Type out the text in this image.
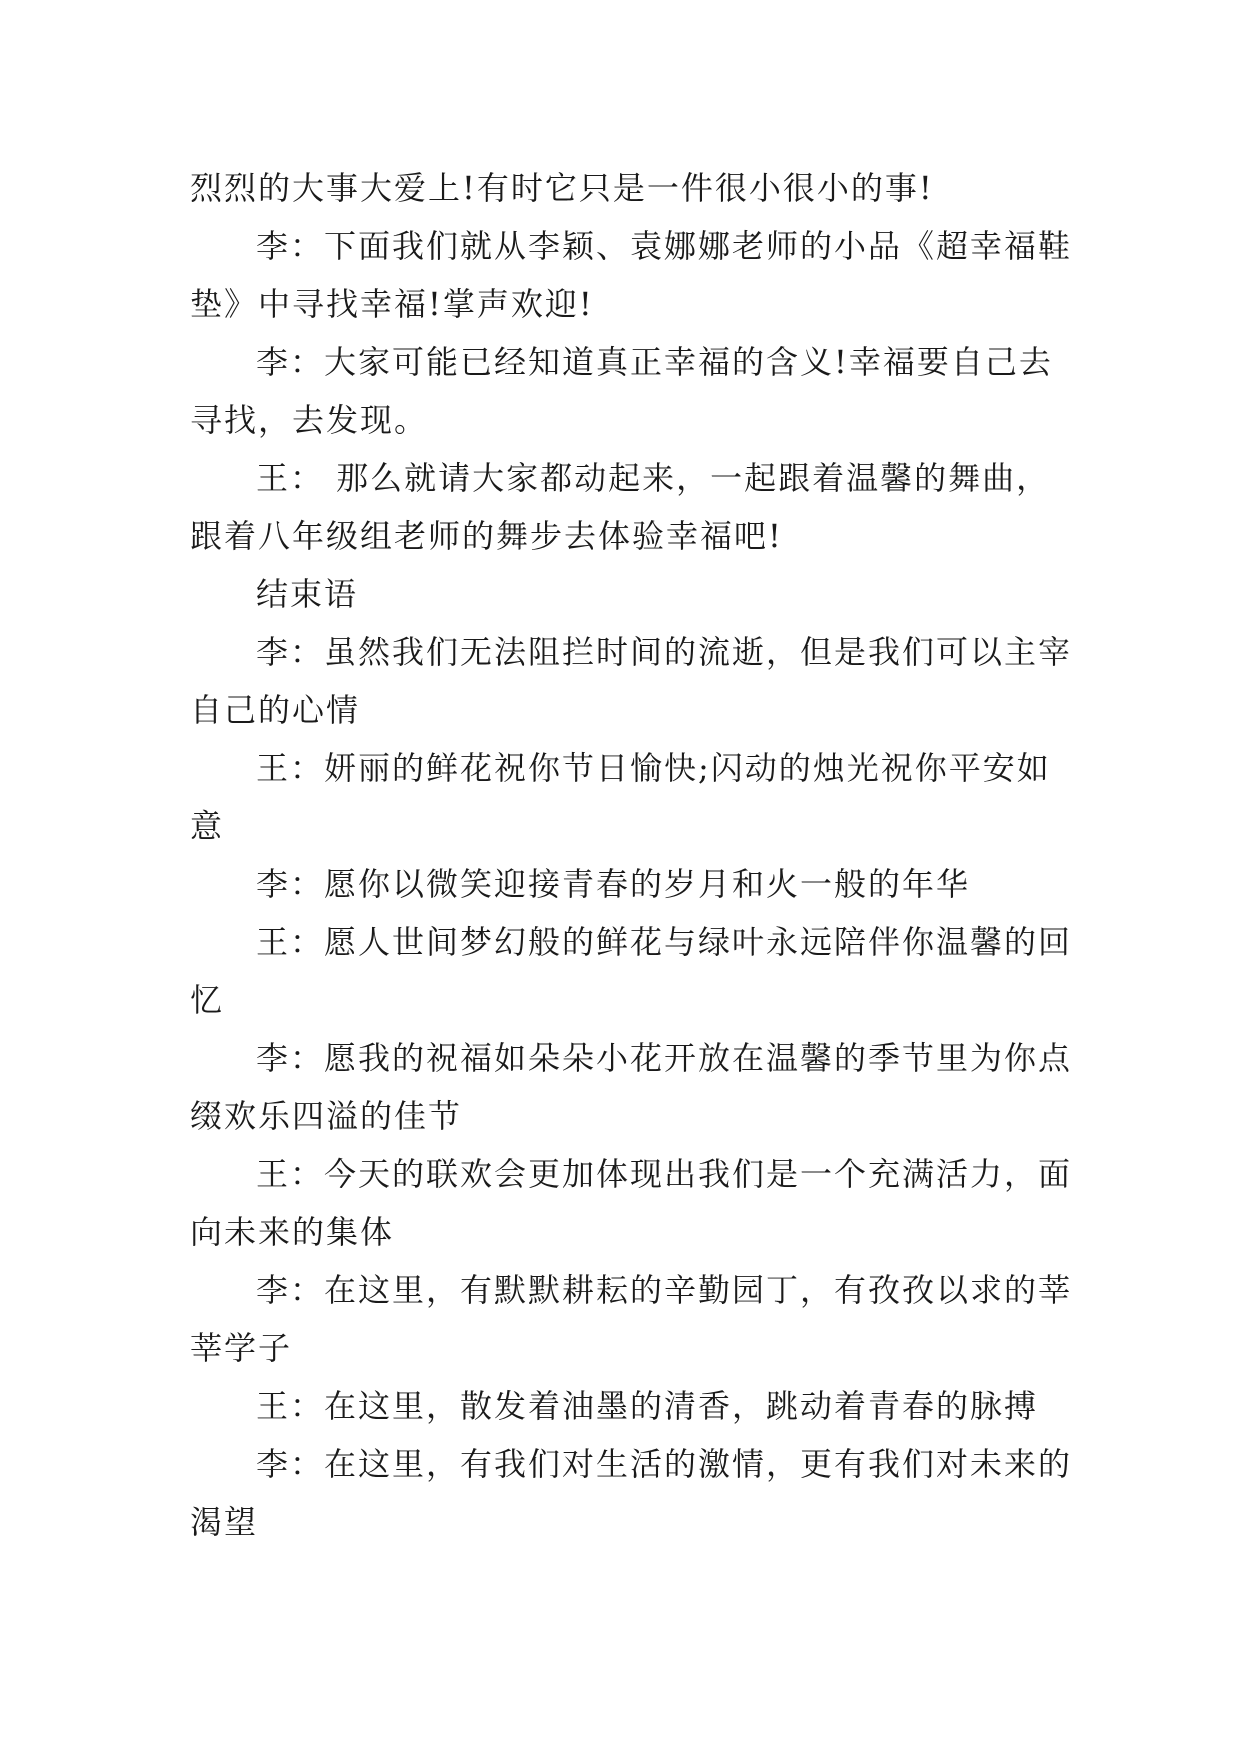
烈烈的大事大爱上!有时它只是一件很小很小的事!
李：下面我们就从李颖、袁娜娜老师的小品《超幸福鞋
垫》中寻找幸福!掌声欢迎!
李：大家可能已经知道真正幸福的含义!幸福要自己去
寻找，去发现。
王： 那么就请大家都动起来，一起跟着温馨的舞曲，
跟着八年级组老师的舞步去体验幸福吧!
结束语
李：虽然我们无法阻拦时间的流逝，但是我们可以主宰
自己的心情
王：妍丽的鲜花祝你节日愉快;闪动的烛光祝你平安如
意
李：愿你以微笑迎接青春的岁月和火一般的年华
王：愿人世间梦幻般的鲜花与绿叶永远陪伴你温馨的回
忆
李：愿我的祝福如朵朵小花开放在温馨的季节里为你点
缀欢乐四溢的佳节
王：今天的联欢会更加体现出我们是一个充满活力，面
向未来的集体
李：在这里，有默默耕耘的辛勤园丁，有孜孜以求的莘
莘学子
王：在这里，散发着油墨的清香，跳动着青春的脉搏
李：在这里，有我们对生活的激情，更有我们对未来的
渴望
